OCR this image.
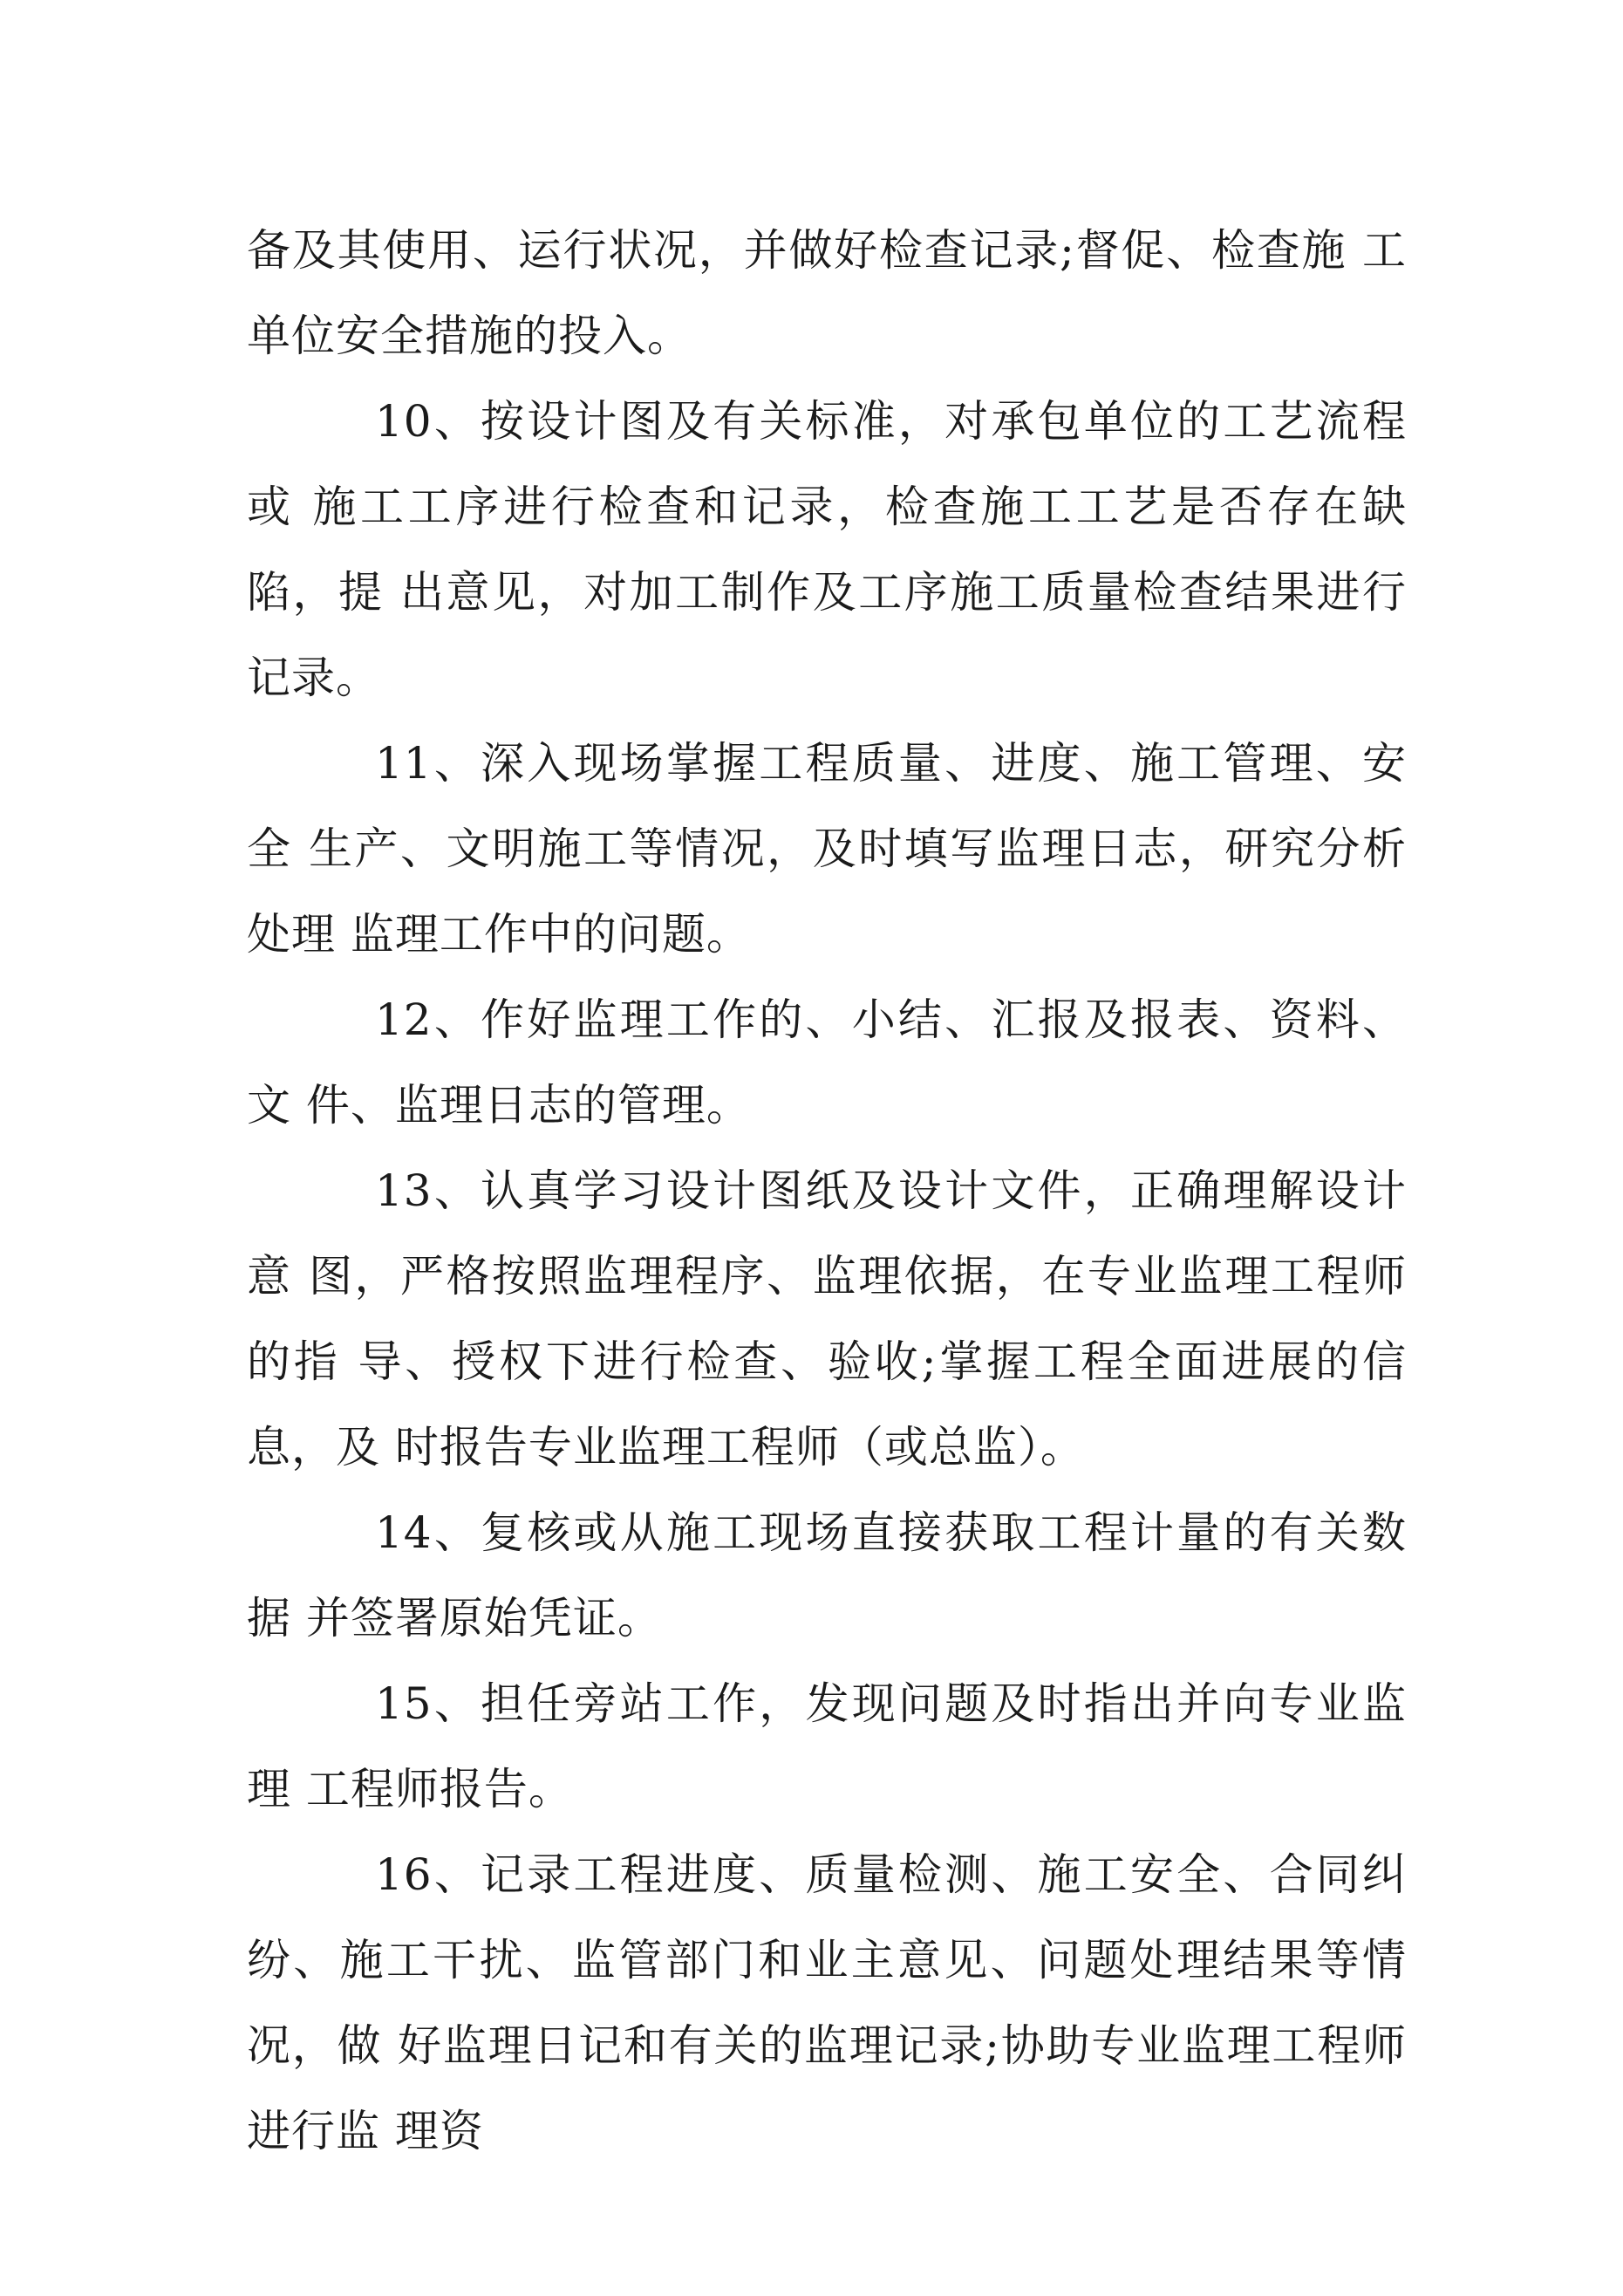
备及其使用、运行状况，并做好检查记录;督促、检查施 工单位安全措施的投入。

10、按设计图及有关标准，对承包单位的工艺流程或 施工工序进行检查和记录，检查施工工艺是否存在缺陷，提 出意见，对加工制作及工序施工质量检查结果进行记录。

11、深入现场掌握工程质量、进度、施工管理、安全 生产、文明施工等情况，及时填写监理日志，研究分析处理 监理工作中的问题。

12、作好监理工作的、小结、汇报及报表、资料、文 件、监理日志的管理。

13、认真学习设计图纸及设计文件，正确理解设计意 图，严格按照监理程序、监理依据，在专业监理工程师的指 导、授权下进行检查、验收;掌握工程全面进展的信息，及 时报告专业监理工程师（或总监）。

14、复核或从施工现场直接获取工程计量的有关数据 并签署原始凭证。

15、担任旁站工作，发现问题及时指出并向专业监理 工程师报告。

16、记录工程进度、质量检测、施工安全、合同纠纷、施工干扰、监管部门和业主意见、问题处理结果等情况，做 好监理日记和有关的监理记录;协助专业监理工程师进行监 理资
